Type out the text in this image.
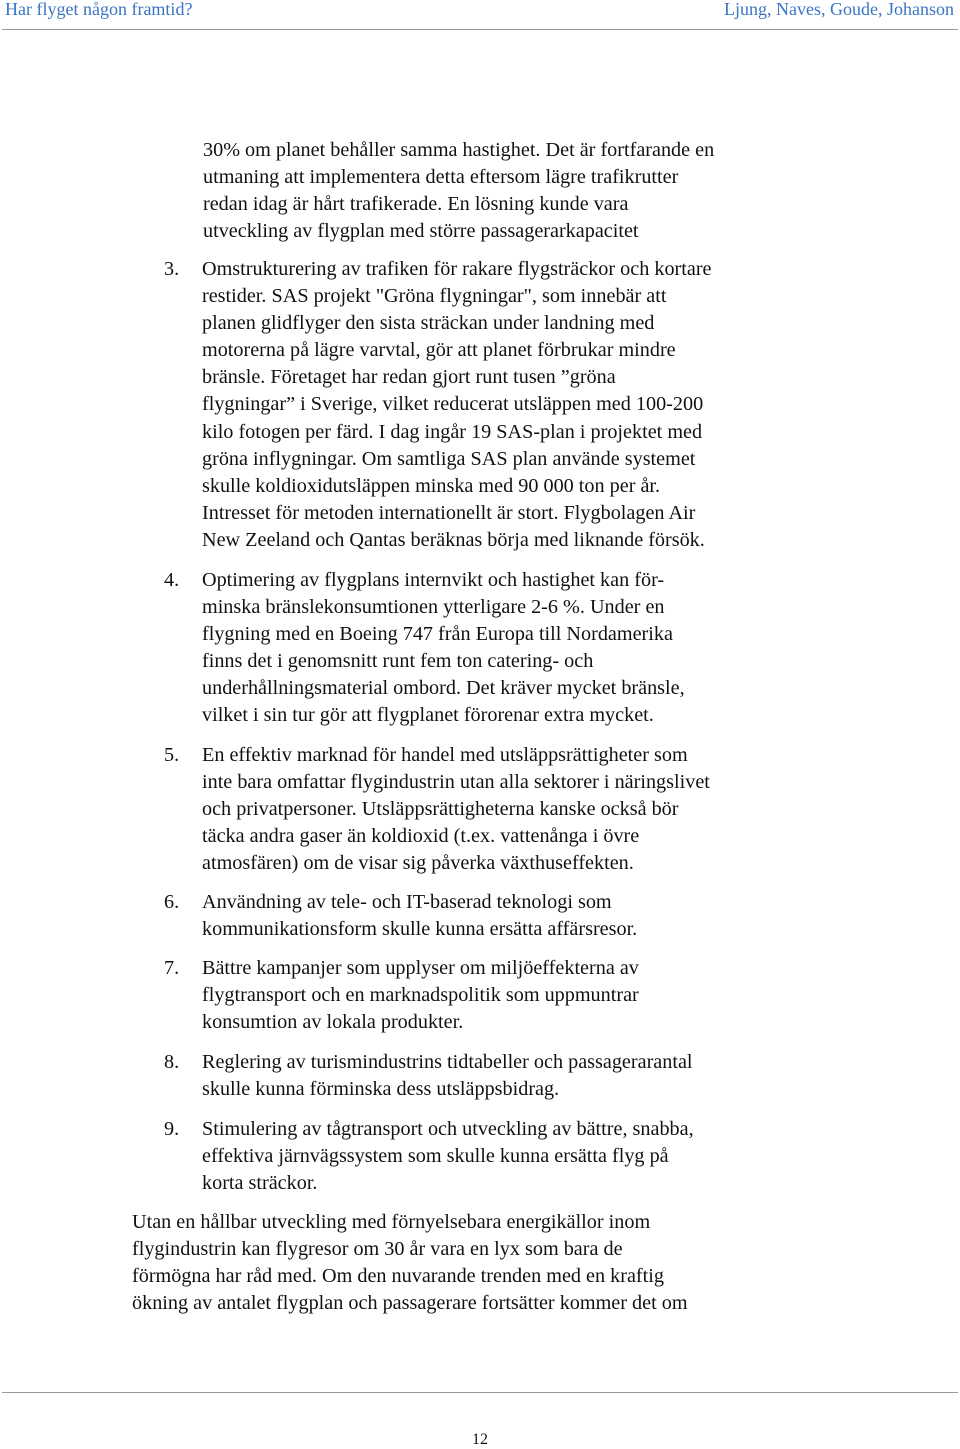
Har flyget någon framtid?	Ljung, Naves, Goude, Johanson

30% om planet behåller samma hastighet. Det är fortfarande en
utmaning att implementera detta eftersom lägre trafikrutter
redan idag är hårt trafikerade. En lösning kunde vara
utveckling av flygplan med större passagerarkapacitet

3. Omstrukturering av trafiken för rakare flygsträckor och kortare
restider. SAS projekt "Gröna flygningar", som innebär att
planen glidflyger den sista sträckan under landning med
motorerna på lägre varvtal, gör att planet förbrukar mindre
bränsle. Företaget har redan gjort runt tusen ”gröna
flygningar” i Sverige, vilket reducerat utsläppen med 100-200
kilo fotogen per färd. I dag ingår 19 SAS-plan i projektet med
gröna inflygningar. Om samtliga SAS plan använde systemet
skulle koldioxidutsläppen minska med 90 000 ton per år.
Intresset för metoden internationellt är stort. Flygbolagen Air
New Zeeland och Qantas beräknas börja med liknande försök.

4. Optimering av flygplans internvikt och hastighet kan för-
minska bränslekonsumtionen ytterligare 2-6 %. Under en
flygning med en Boeing 747 från Europa till Nordamerika
finns det i genomsnitt runt fem ton catering- och
underhållningsmaterial ombord. Det kräver mycket bränsle,
vilket i sin tur gör att flygplanet förorenar extra mycket.

5. En effektiv marknad för handel med utsläppsrättigheter som
inte bara omfattar flygindustrin utan alla sektorer i näringslivet
och privatpersoner. Utsläppsrättigheterna kanske också bör
täcka andra gaser än koldioxid (t.ex. vattenånga i övre
atmosfären) om de visar sig påverka växthuseffekten.

6. Användning av tele- och IT-baserad teknologi som
kommunikationsform skulle kunna ersätta affärsresor.

7. Bättre kampanjer som upplyser om miljöeffekterna av
flygtransport och en marknadspolitik som uppmuntrar
konsumtion av lokala produkter.

8. Reglering av turismindustrins tidtabeller och passagerarantal
skulle kunna förminska dess utsläppsbidrag.

9. Stimulering av tågtransport och utveckling av bättre, snabba,
effektiva järnvägssystem som skulle kunna ersätta flyg på
korta sträckor.

Utan en hållbar utveckling med förnyelsebara energikällor inom
flygindustrin kan flygresor om 30 år vara en lyx som bara de
förmögna har råd med. Om den nuvarande trenden med en kraftig
ökning av antalet flygplan och passagerare fortsätter kommer det om

12
